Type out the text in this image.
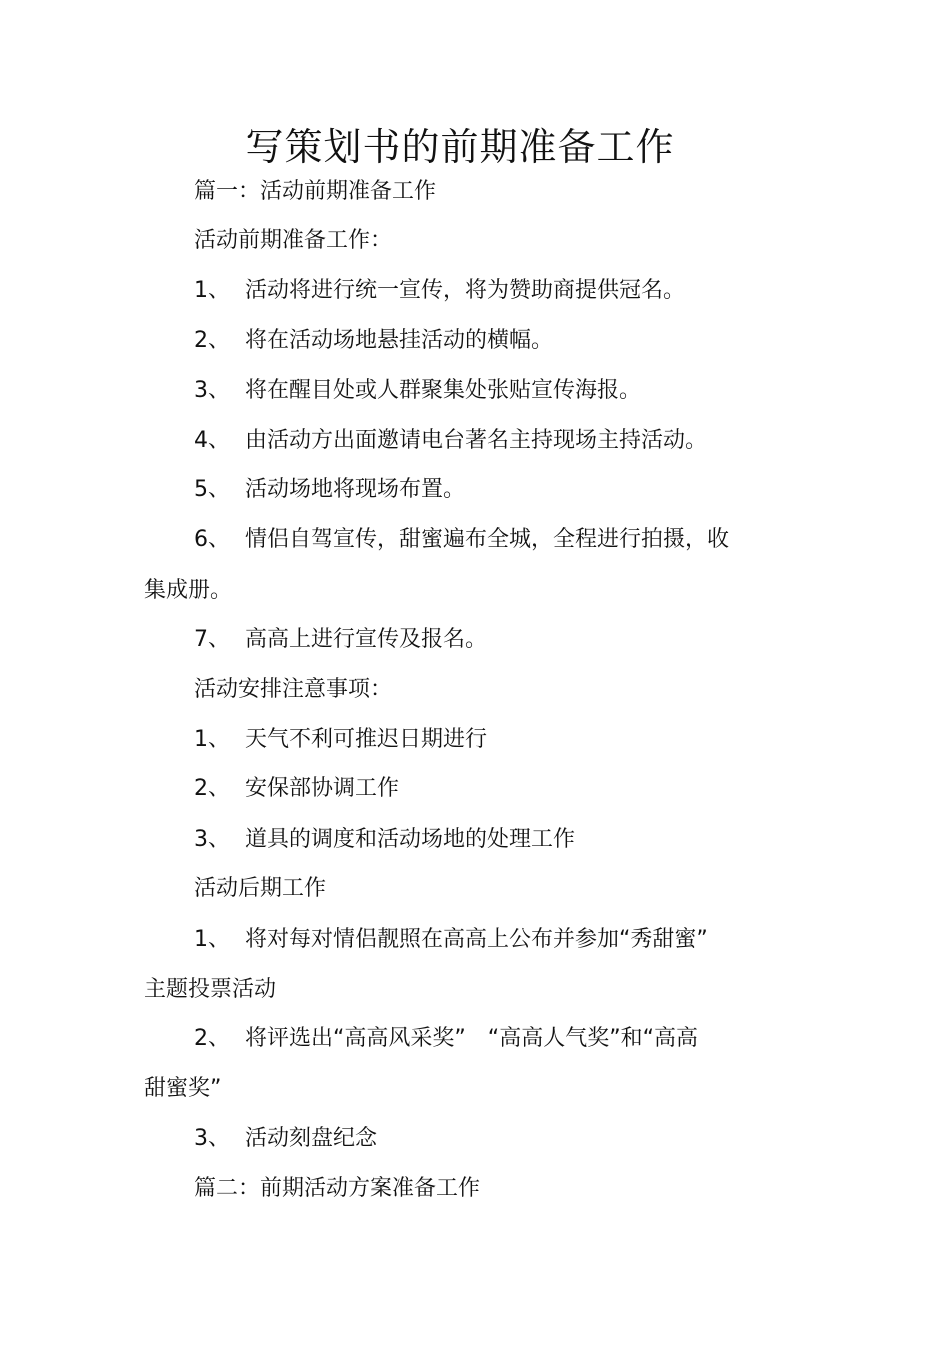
写策划书的前期准备工作
篇一：活动前期准备工作
活动前期准备工作：
1、 活动将进行统一宣传，将为赞助商提供冠名。
2、 将在活动场地悬挂活动的横幅。
3、 将在醒目处或人群聚集处张贴宣传海报。
4、 由活动方出面邀请电台著名主持现场主持活动。
5、 活动场地将现场布置。
6、 情侣自驾宣传，甜蜜遍布全城，全程进行拍摄，收
集成册。
7、 高高上进行宣传及报名。
活动安排注意事项：
1、 天气不利可推迟日期进行
2、 安保部协调工作
3、 道具的调度和活动场地的处理工作
活动后期工作
1、 将对每对情侣靓照在高高上公布并参加“秀甜蜜”
主题投票活动
2、 将评选出“高高风采奖”　“高高人气奖”和“高高
甜蜜奖”
3、 活动刻盘纪念
篇二：前期活动方案准备工作
